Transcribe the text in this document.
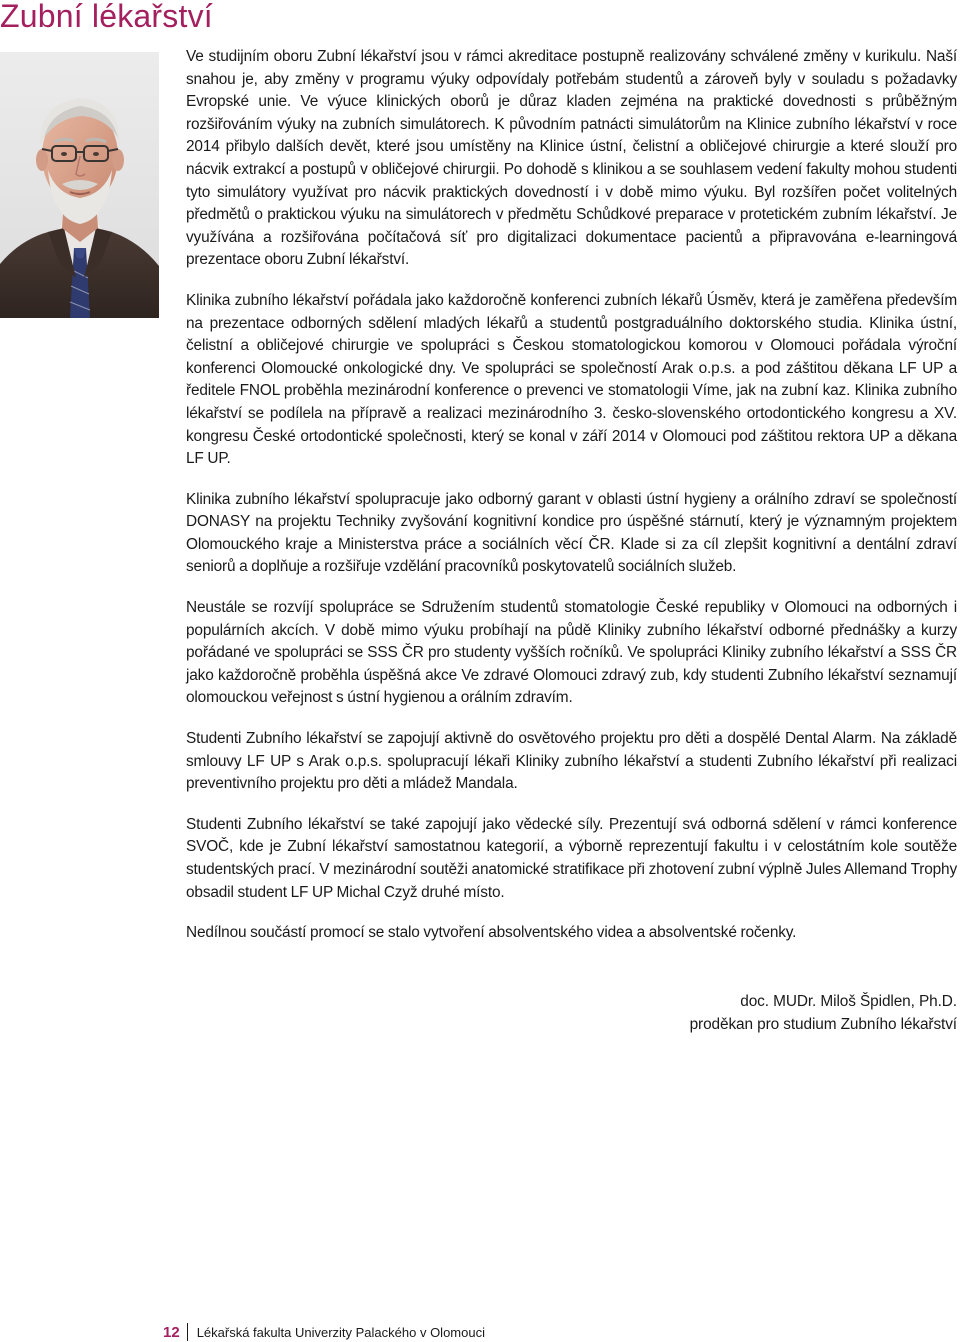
Zubní lékařství

Ve studijním oboru Zubní lékařství jsou v rámci akreditace postupně realizovány schválené změny v kurikulu. Naší snahou je, aby změny v programu výuky odpovídaly potřebám studentů a zároveň byly v souladu s požadavky Evropské unie. Ve výuce klinických oborů je důraz kladen zejména na praktické dovednosti s průběžným rozšiřováním výuky na zubních simulátorech. K původním patnácti simulátorům na Klinice zubního lékařství v roce 2014 přibylo dalších devět, které jsou umístěny na Klinice ústní, čelistní a obličejové chirurgie a které slouží pro nácvik extrakcí a postupů v obličejové chirurgii. Po dohodě s klinikou a se souhlasem vedení fakulty mohou studenti tyto simulátory využívat pro nácvik praktických dovedností i v době mimo výuku. Byl rozšířen počet volitelných předmětů o praktickou výuku na simulátorech v předmětu Schůdkové preparace v protetickém zubním lékařství. Je využívána a rozšiřována počítačová síť pro digitalizaci dokumentace pacientů a připravována e-learningová prezentace oboru Zubní lékařství.

Klinika zubního lékařství pořádala jako každoročně konferenci zubních lékařů Úsměv, která je zaměřena především na prezentace odborných sdělení mladých lékařů a studentů postgraduálního doktorského studia. Klinika ústní, čelistní a obličejové chirurgie ve spolupráci s Českou stomatologickou komorou v Olomouci pořádala výroční konferenci Olomoucké onkologické dny. Ve spolupráci se společností Arak o.p.s. a pod záštitou děkana LF UP a ředitele FNOL proběhla mezinárodní konference o prevenci ve stomatologii Víme, jak na zubní kaz. Klinika zubního lékařství se podílela na přípravě a realizaci mezinárodního 3. česko-slovenského ortodontického kongresu a XV. kongresu České ortodontické společnosti, který se konal v září 2014 v Olomouci pod záštitou rektora UP a děkana LF UP.

Klinika zubního lékařství spolupracuje jako odborný garant v oblasti ústní hygieny a orálního zdraví se společností DONASY na projektu Techniky zvyšování kognitivní kondice pro úspěšné stárnutí, který je významným projektem Olomouckého kraje a Ministerstva práce a sociálních věcí ČR. Klade si za cíl zlepšit kognitivní a dentální zdraví seniorů a doplňuje a rozšiřuje vzdělání pracovníků poskytovatelů sociálních služeb.

Neustále se rozvíjí spolupráce se Sdružením studentů stomatologie České republiky v Olomouci na odborných i populárních akcích. V době mimo výuku probíhají na půdě Kliniky zubního lékařství odborné přednášky a kurzy pořádané ve spolupráci se SSS ČR pro studenty vyšších ročníků. Ve spolupráci Kliniky zubního lékařství a SSS ČR jako každoročně proběhla úspěšná akce Ve zdravé Olomouci zdravý zub, kdy studenti Zubního lékařství seznamují olomouckou veřejnost s ústní hygienou a orálním zdravím.

Studenti Zubního lékařství se zapojují aktivně do osvětového projektu pro děti a dospělé Dental Alarm. Na základě smlouvy LF UP s Arak o.p.s. spolupracují lékaři Kliniky zubního lékařství a studenti Zubního lékařství při realizaci preventivního projektu pro děti a mládež Mandala.

Studenti Zubního lékařství se také zapojují jako vědecké síly. Prezentují svá odborná sdělení v rámci konference SVOČ, kde je Zubní lékařství samostatnou kategorií, a výborně reprezentují fakultu i v celostátním kole soutěže studentských prací. V mezinárodní soutěži anatomické stratifikace při zhotovení zubní výplně Jules Allemand Trophy obsadil student LF UP Michal Czyž druhé místo.

Nedílnou součástí promocí se stalo vytvoření absolventského videa a absolventské ročenky.

doc. MUDr. Miloš Špidlen, Ph.D.
proděkan pro studium Zubního lékařství
12 Lékařská fakulta Univerzity Palackého v Olomouci
